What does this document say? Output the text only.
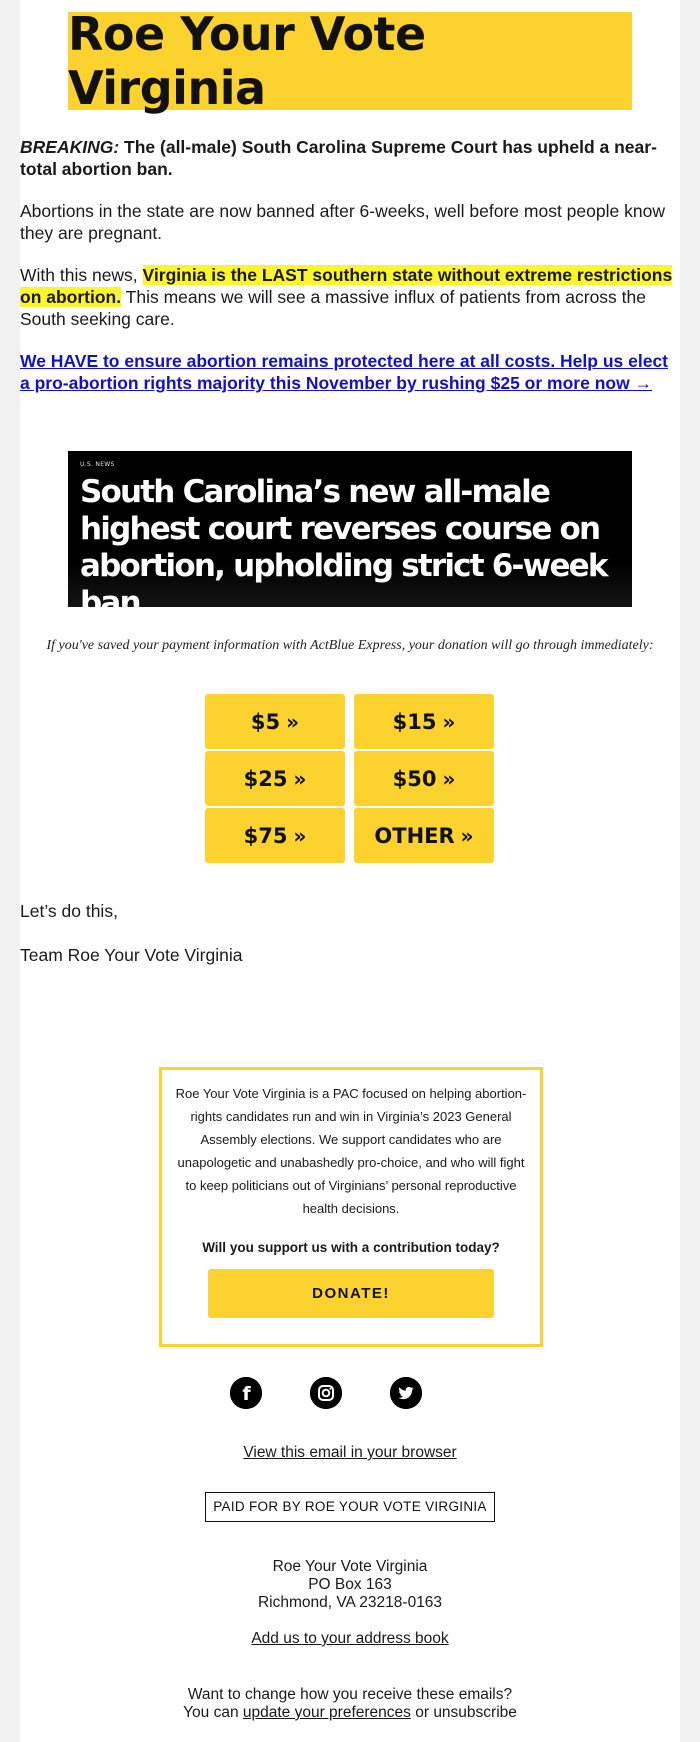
Roe Your Vote Virginia

BREAKING: The (all-male) South Carolina Supreme Court has upheld a near-total abortion ban.

Abortions in the state are now banned after 6-weeks, well before most people know they are pregnant.

With this news, Virginia is the LAST southern state without extreme restrictions on abortion. This means we will see a massive influx of patients from across the South seeking care.

We HAVE to ensure abortion remains protected here at all costs. Help us elect a pro-abortion rights majority this November by rushing $25 or more now →

U.S. NEWS
South Carolina’s new all-male highest court reverses course on abortion, upholding strict 6-week ban
If you've saved your payment information with ActBlue Express, your donation will go through immediately:
$5 »	$15 »
$25 »	$50 »
$75 »	OTHER »

Let’s do this,

Team Roe Your Vote Virginia

Roe Your Vote Virginia is a PAC focused on helping abortion-rights candidates run and win in Virginia’s 2023 General Assembly elections. We support candidates who are unapologetic and unabashedly pro-choice, and who will fight to keep politicians out of Virginians’ personal reproductive health decisions.
Will you support us with a contribution today?
DONATE!
f
View this email in your browser
PAID FOR BY ROE YOUR VOTE VIRGINIA
Roe Your Vote Virginia
PO Box 163
Richmond, VA 23218-0163
Add us to your address book
Want to change how you receive these emails?
You can update your preferences or unsubscribe
